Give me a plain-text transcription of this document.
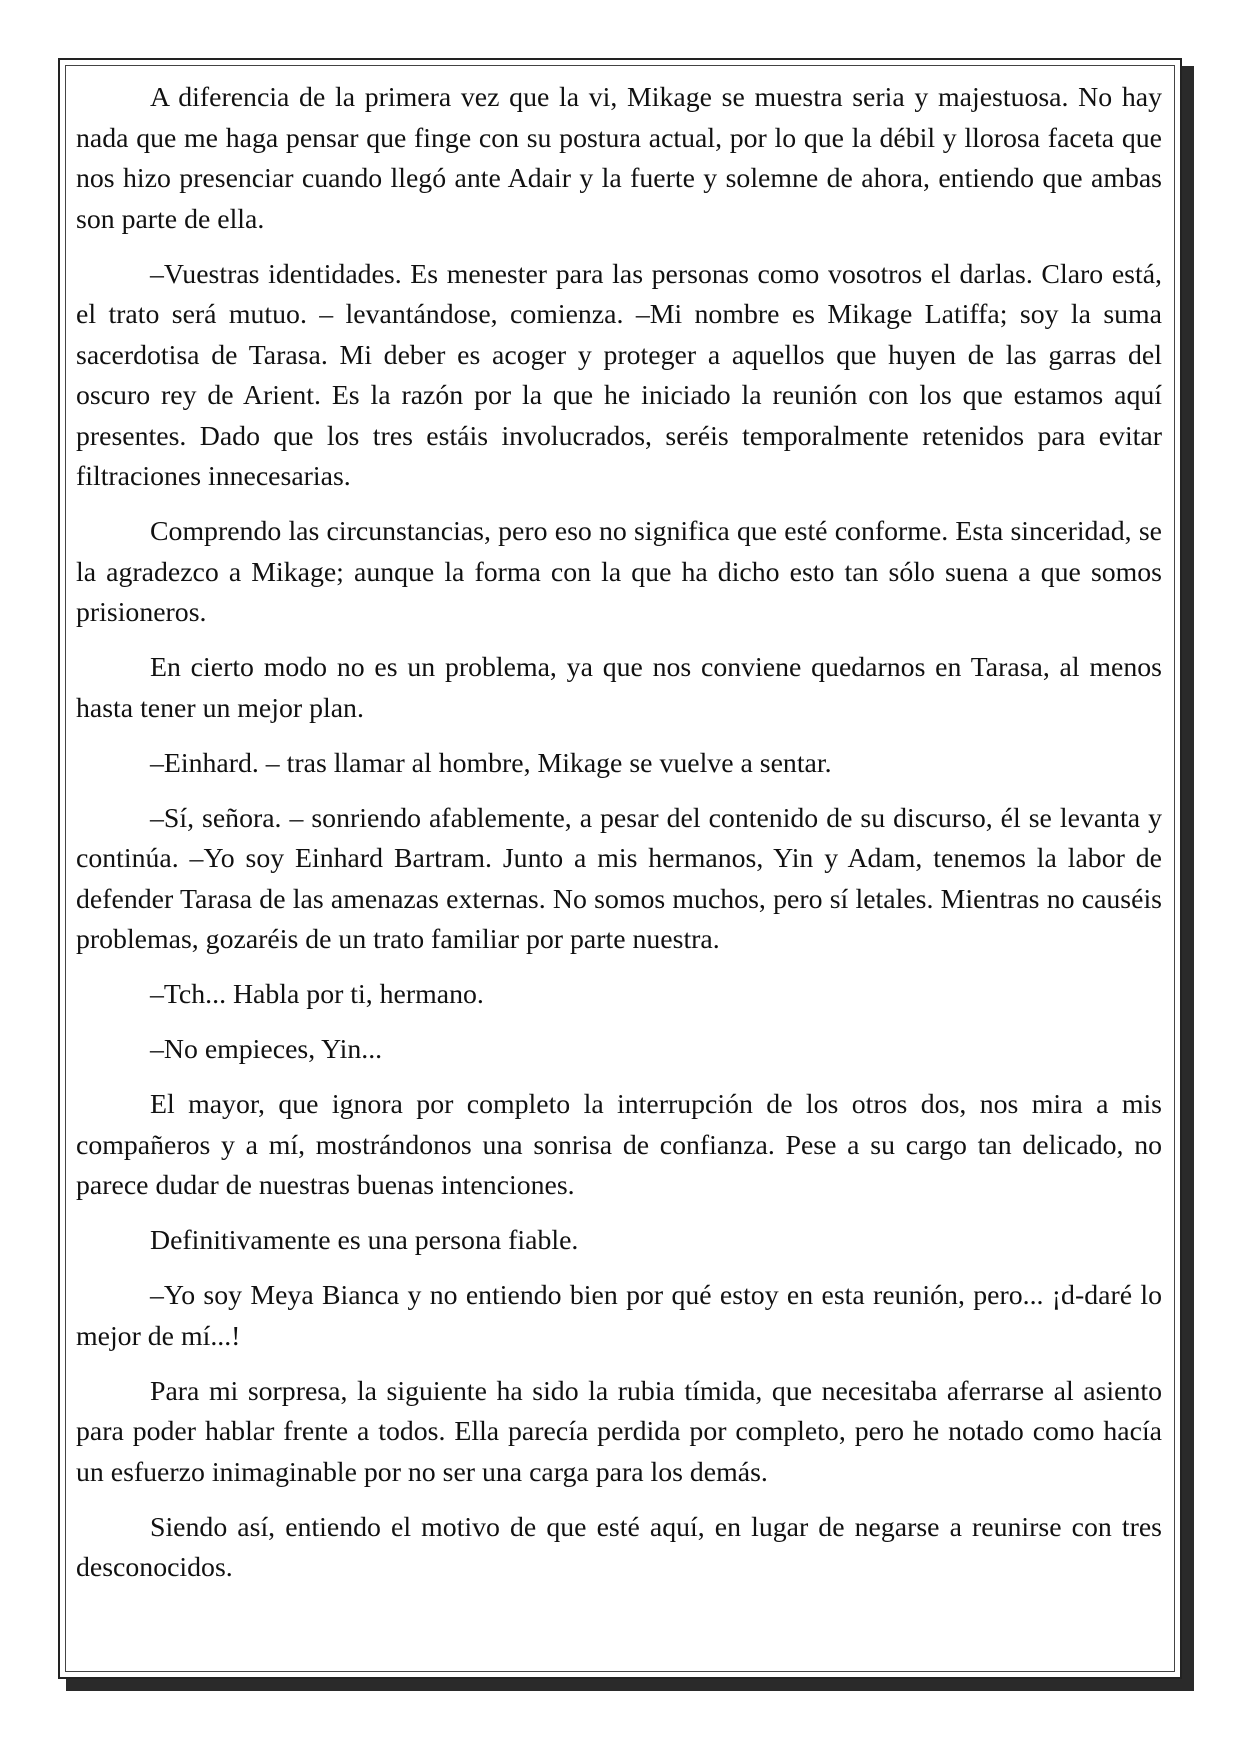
A diferencia de la primera vez que la vi, Mikage se muestra seria y majestuosa. No hay nada que me haga pensar que finge con su postura actual, por lo que la débil y llorosa faceta que nos hizo presenciar cuando llegó ante Adair y la fuerte y solemne de ahora, entiendo que ambas son parte de ella.

–Vuestras identidades. Es menester para las personas como vosotros el darlas. Claro está, el trato será mutuo. – levantándose, comienza. –Mi nombre es Mikage Latiffa; soy la suma sacerdotisa de Tarasa. Mi deber es acoger y proteger a aquellos que huyen de las garras del oscuro rey de Arient. Es la razón por la que he iniciado la reunión con los que estamos aquí presentes. Dado que los tres estáis involucrados, seréis temporalmente retenidos para evitar filtraciones innecesarias.

Comprendo las circunstancias, pero eso no significa que esté conforme. Esta sinceridad, se la agradezco a Mikage; aunque la forma con la que ha dicho esto tan sólo suena a que somos prisioneros.

En cierto modo no es un problema, ya que nos conviene quedarnos en Tarasa, al menos hasta tener un mejor plan.

–Einhard. – tras llamar al hombre, Mikage se vuelve a sentar.

–Sí, señora. – sonriendo afablemente, a pesar del contenido de su discurso, él se levanta y continúa. –Yo soy Einhard Bartram. Junto a mis hermanos, Yin y Adam, tenemos la labor de defender Tarasa de las amenazas externas. No somos muchos, pero sí letales. Mientras no causéis problemas, gozaréis de un trato familiar por parte nuestra.

–Tch... Habla por ti, hermano.

–No empieces, Yin...

El mayor, que ignora por completo la interrupción de los otros dos, nos mira a mis compañeros y a mí, mostrándonos una sonrisa de confianza. Pese a su cargo tan delicado, no parece dudar de nuestras buenas intenciones.

Definitivamente es una persona fiable.

–Yo soy Meya Bianca y no entiendo bien por qué estoy en esta reunión, pero... ¡d-daré lo mejor de mí...!

Para mi sorpresa, la siguiente ha sido la rubia tímida, que necesitaba aferrarse al asiento para poder hablar frente a todos. Ella parecía perdida por completo, pero he notado como hacía un esfuerzo inimaginable por no ser una carga para los demás.

Siendo así, entiendo el motivo de que esté aquí, en lugar de negarse a reunirse con tres desconocidos.
